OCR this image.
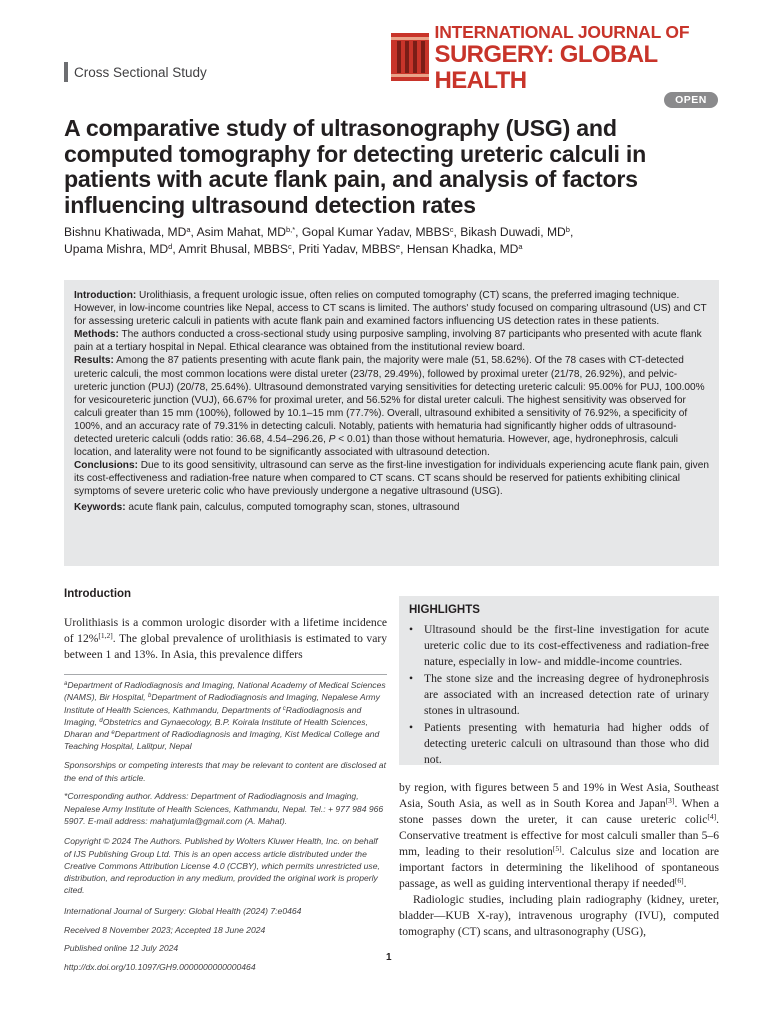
Cross Sectional Study
INTERNATIONAL JOURNAL OF
SURGERY: GLOBAL HEALTH
OPEN
A comparative study of ultrasonography (USG) and computed tomography for detecting ureteric calculi in patients with acute flank pain, and analysis of factors influencing ultrasound detection rates
Bishnu Khatiwada, $MD^a$, Asim Mahat, $MD^{b,*}$, Gopal Kumar Yadav, MBBS$^c$, Bikash Duwadi, $MD^b$,
Upama Mishra, $MD^d$, Amrit Bhusal, MBBS$^c$, Priti Yadav, MBBS$^e$, Hensan Khadka, $MD^a$

Introduction: Urolithiasis, a frequent urologic issue, often relies on computed tomography (CT) scans, the preferred imaging technique. However, in low-income countries like Nepal, access to CT scans is limited. The authors' study focused on comparing ultrasound (US) and CT for assessing ureteric calculi in patients with acute flank pain and examined factors influencing US detection rates in these patients.

Methods: The authors conducted a cross-sectional study using purposive sampling, involving 87 participants who presented with acute flank pain at a tertiary hospital in Nepal. Ethical clearance was obtained from the institutional review board.

Results: Among the 87 patients presenting with acute flank pain, the majority were male (51, 58.62%). Of the 78 cases with CT-detected ureteric calculi, the most common locations were distal ureter (23/78, 29.49%), followed by proximal ureter (21/78, 26.92%), and pelvic-ureteric junction (PUJ) (20/78, 25.64%). Ultrasound demonstrated varying sensitivities for detecting ureteric calculi: 95.00% for PUJ, 100.00% for vesicoureteric junction (VUJ), 66.67% for proximal ureter, and 56.52% for distal ureter calculi. The highest sensitivity was observed for calculi greater than 15 mm (100%), followed by 10.1–15 mm (77.7%). Overall, ultrasound exhibited a sensitivity of 76.92%, a specificity of 100%, and an accuracy rate of 79.31% in detecting calculi. Notably, patients with hematuria had significantly higher odds of ultrasound-detected ureteric calculi (odds ratio: 36.68, 4.54–296.26, P < 0.01) than those without hematuria. However, age, hydronephrosis, calculi location, and laterality were not found to be significantly associated with ultrasound detection.

Conclusions: Due to its good sensitivity, ultrasound can serve as the first-line investigation for individuals experiencing acute flank pain, given its cost-effectiveness and radiation-free nature when compared to CT scans. CT scans should be reserved for patients exhibiting clinical symptoms of severe ureteric colic who have previously undergone a negative ultrasound (USG).

Keywords: acute flank pain, calculus, computed tomography scan, stones, ultrasound

Introduction
Urolithiasis is a common urologic disorder with a lifetime incidence of 12%[1,2]. The global prevalence of urolithiasis is estimated to vary between 1 and 13%. In Asia, this prevalence differs

$^a$Department of Radiodiagnosis and Imaging, National Academy of Medical Sciences (NAMS), Bir Hospital, $^b$Department of Radiodiagnosis and Imaging, Nepalese Army Institute of Health Sciences, Kathmandu, Departments of $^c$Radiodiagnosis and Imaging, $^d$Obstetrics and Gynaecology, B.P. Koirala Institute of Health Sciences, Dharan and $^e$Department of Radiodiagnosis and Imaging, Kist Medical College and Teaching Hospital, Lalitpur, Nepal

Sponsorships or competing interests that may be relevant to content are disclosed at the end of this article.

*Corresponding author. Address: Department of Radiodiagnosis and Imaging, Nepalese Army Institute of Health Sciences, Kathmandu, Nepal. Tel.: + 977 984 966 5907. E-mail address: mahatjumla@gmail.com (A. Mahat).

Copyright © 2024 The Authors. Published by Wolters Kluwer Health, Inc. on behalf of IJS Publishing Group Ltd. This is an open access article distributed under the Creative Commons Attribution License 4.0 (CCBY), which permits unrestricted use, distribution, and reproduction in any medium, provided the original work is properly cited.

International Journal of Surgery: Global Health (2024) 7:e0464

Received 8 November 2023; Accepted 18 June 2024

Published online 12 July 2024

http://dx.doi.org/10.1097/GH9.0000000000000464

HIGHLIGHTS
• Ultrasound should be the first-line investigation for acute ureteric colic due to its cost-effectiveness and radiation-free nature, especially in low- and middle-income countries.
• The stone size and the increasing degree of hydronephrosis are associated with an increased detection rate of urinary stones in ultrasound.
• Patients presenting with hematuria had higher odds of detecting ureteric calculi on ultrasound than those who did not.

by region, with figures between 5 and 19% in West Asia, Southeast Asia, South Asia, as well as in South Korea and Japan[3]. When a stone passes down the ureter, it can cause ureteric colic[4]. Conservative treatment is effective for most calculi smaller than 5–6 mm, leading to their resolution[5]. Calculus size and location are important factors in determining the likelihood of spontaneous passage, as well as guiding interventional therapy if needed[6].

Radiologic studies, including plain radiography (kidney, ureter, bladder—KUB X-ray), intravenous urography (IVU), computed tomography (CT) scans, and ultrasonography (USG),

1
